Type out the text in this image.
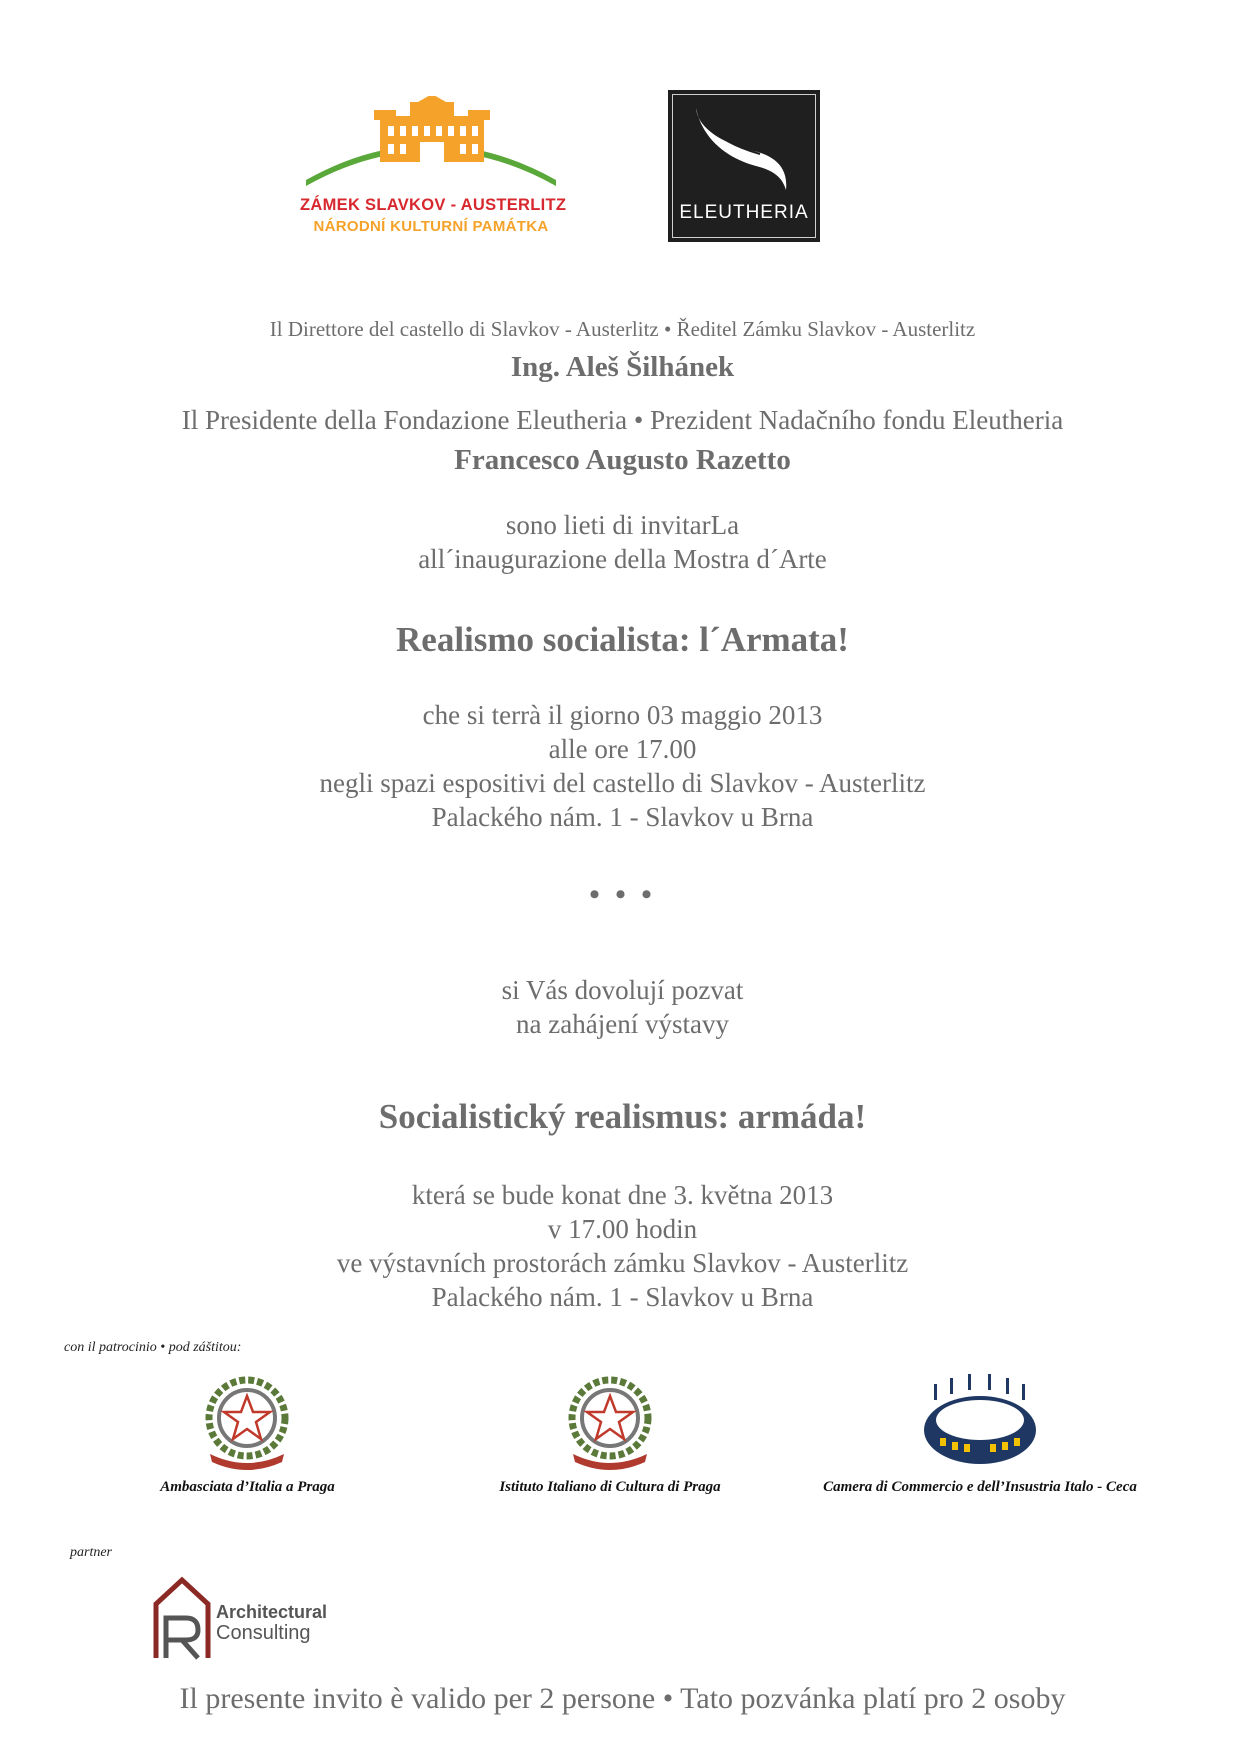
ZÁMEK SLAVKOV - AUSTERLITZ
NÁRODNÍ KULTURNÍ PAMÁTKA
ELEUTHERIA
Il Direttore del castello di Slavkov - Austerlitz • Ředitel Zámku Slavkov - Austerlitz
Ing. Aleš Šilhánek
Il Presidente della Fondazione Eleutheria • Prezident Nadačního fondu Eleutheria
Francesco Augusto Razetto
sono lieti di invitarLa
all´inaugurazione della Mostra d´Arte
Realismo socialista: l´Armata!
che si terrà il giorno 03 maggio 2013
alle ore 17.00
negli spazi espositivi del castello di Slavkov - Austerlitz
Palackého nám. 1 - Slavkov u Brna
• • •
si Vás dovolují pozvat
na zahájení výstavy
Socialistický realismus: armáda!
která se bude konat dne 3. května 2013
v 17.00 hodin
ve výstavních prostorách zámku Slavkov - Austerlitz
Palackého nám. 1 - Slavkov u Brna
con il patrocinio • pod záštitou:
Ambasciata d’Italia a Praga	Istituto Italiano di Cultura di Praga	Camera di Commercio e dell’Insustria Italo - Ceca
partner
Architectural
Consulting
Il presente invito è valido per 2 persone • Tato pozvánka platí pro 2 osoby
